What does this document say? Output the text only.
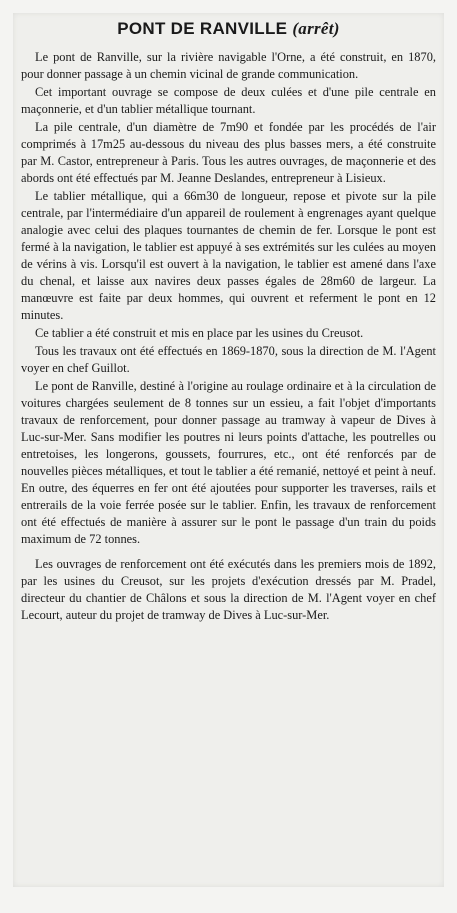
PONT DE RANVILLE (arrêt)

Le pont de Ranville, sur la rivière navigable l'Orne, a été construit, en 1870, pour donner passage à un chemin vicinal de grande communication.

Cet important ouvrage se compose de deux culées et d'une pile centrale en maçonnerie, et d'un tablier métallique tournant.

La pile centrale, d'un diamètre de 7m90 et fondée par les procédés de l'air comprimés à 17m25 au-dessous du niveau des plus basses mers, a été construite par M. Castor, entrepreneur à Paris. Tous les autres ouvrages, de maçonnerie et des abords ont été effectués par M. Jeanne Deslandes, entrepreneur à Lisieux.

Le tablier métallique, qui a 66m30 de longueur, repose et pivote sur la pile centrale, par l'intermédiaire d'un appareil de roulement à engrenages ayant quelque analogie avec celui des plaques tournantes de chemin de fer. Lorsque le pont est fermé à la navigation, le tablier est appuyé à ses extrémités sur les culées au moyen de vérins à vis. Lorsqu'il est ouvert à la navigation, le tablier est amené dans l'axe du chenal, et laisse aux navires deux passes égales de 28m60 de largeur. La manœuvre est faite par deux hommes, qui ouvrent et referment le pont en 12 minutes.

Ce tablier a été construit et mis en place par les usines du Creusot.

Tous les travaux ont été effectués en 1869-1870, sous la direction de M. l'Agent voyer en chef Guillot.

Le pont de Ranville, destiné à l'origine au roulage ordinaire et à la circulation de voitures chargées seulement de 8 tonnes sur un essieu, a fait l'objet d'importants travaux de renforcement, pour donner passage au tramway à vapeur de Dives à Luc-sur-Mer. Sans modifier les poutres ni leurs points d'attache, les poutrelles ou entretoises, les longerons, goussets, fourrures, etc., ont été renforcés par de nouvelles pièces métalliques, et tout le tablier a été remanié, nettoyé et peint à neuf. En outre, des équerres en fer ont été ajoutées pour supporter les traverses, rails et entrerails de la voie ferrée posée sur le tablier. Enfin, les travaux de renforcement ont été effectués de manière à assurer sur le pont le passage d'un train du poids maximum de 72 tonnes.

Les ouvrages de renforcement ont été exécutés dans les premiers mois de 1892, par les usines du Creusot, sur les projets d'exécution dressés par M. Pradel, directeur du chantier de Châlons et sous la direction de M. l'Agent voyer en chef Lecourt, auteur du projet de tramway de Dives à Luc-sur-Mer.
